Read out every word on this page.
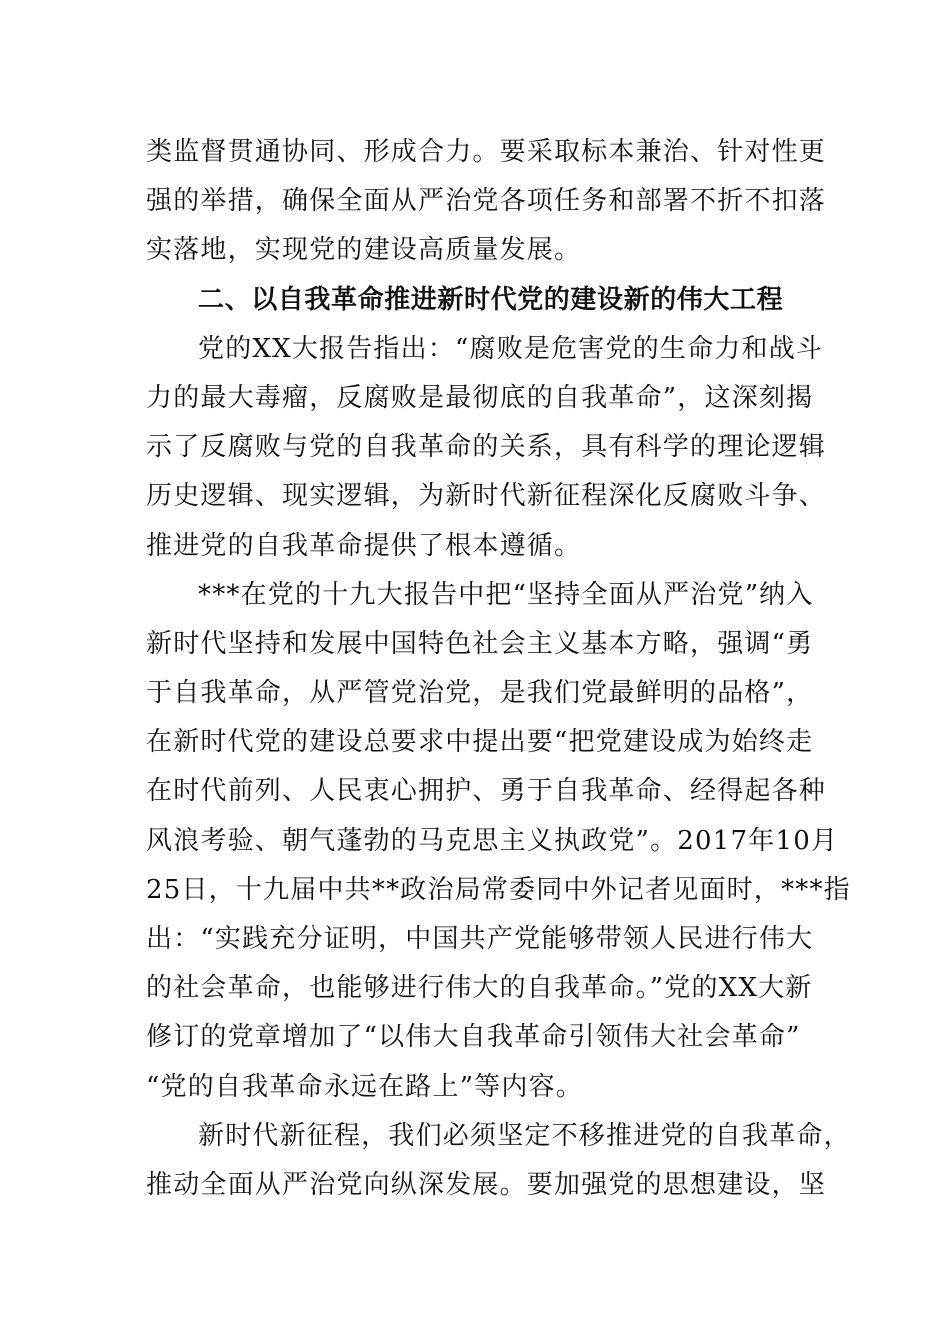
类监督贯通协同、形成合力。要采取标本兼治、针对性更
强的举措，确保全面从严治党各项任务和部署不折不扣落
实落地，实现党的建设高质量发展。
二、以自我革命推进新时代党的建设新的伟大工程
党的XX大报告指出：“腐败是危害党的生命力和战斗
力的最大毒瘤，反腐败是最彻底的自我革命”，这深刻揭
示了反腐败与党的自我革命的关系，具有科学的理论逻辑
历史逻辑、现实逻辑，为新时代新征程深化反腐败斗争、
推进党的自我革命提供了根本遵循。
***在党的十九大报告中把“坚持全面从严治党”纳入
新时代坚持和发展中国特色社会主义基本方略，强调“勇
于自我革命，从严管党治党，是我们党最鲜明的品格”，
在新时代党的建设总要求中提出要“把党建设成为始终走
在时代前列、人民衷心拥护、勇于自我革命、经得起各种
风浪考验、朝气蓬勃的马克思主义执政党”。2017年10月
25日，十九届中共**政治局常委同中外记者见面时，***指
出：“实践充分证明，中国共产党能够带领人民进行伟大
的社会革命，也能够进行伟大的自我革命。”党的XX大新
修订的党章增加了“以伟大自我革命引领伟大社会革命”
“党的自我革命永远在路上”等内容。
新时代新征程，我们必须坚定不移推进党的自我革命，
推动全面从严治党向纵深发展。要加强党的思想建设，坚
